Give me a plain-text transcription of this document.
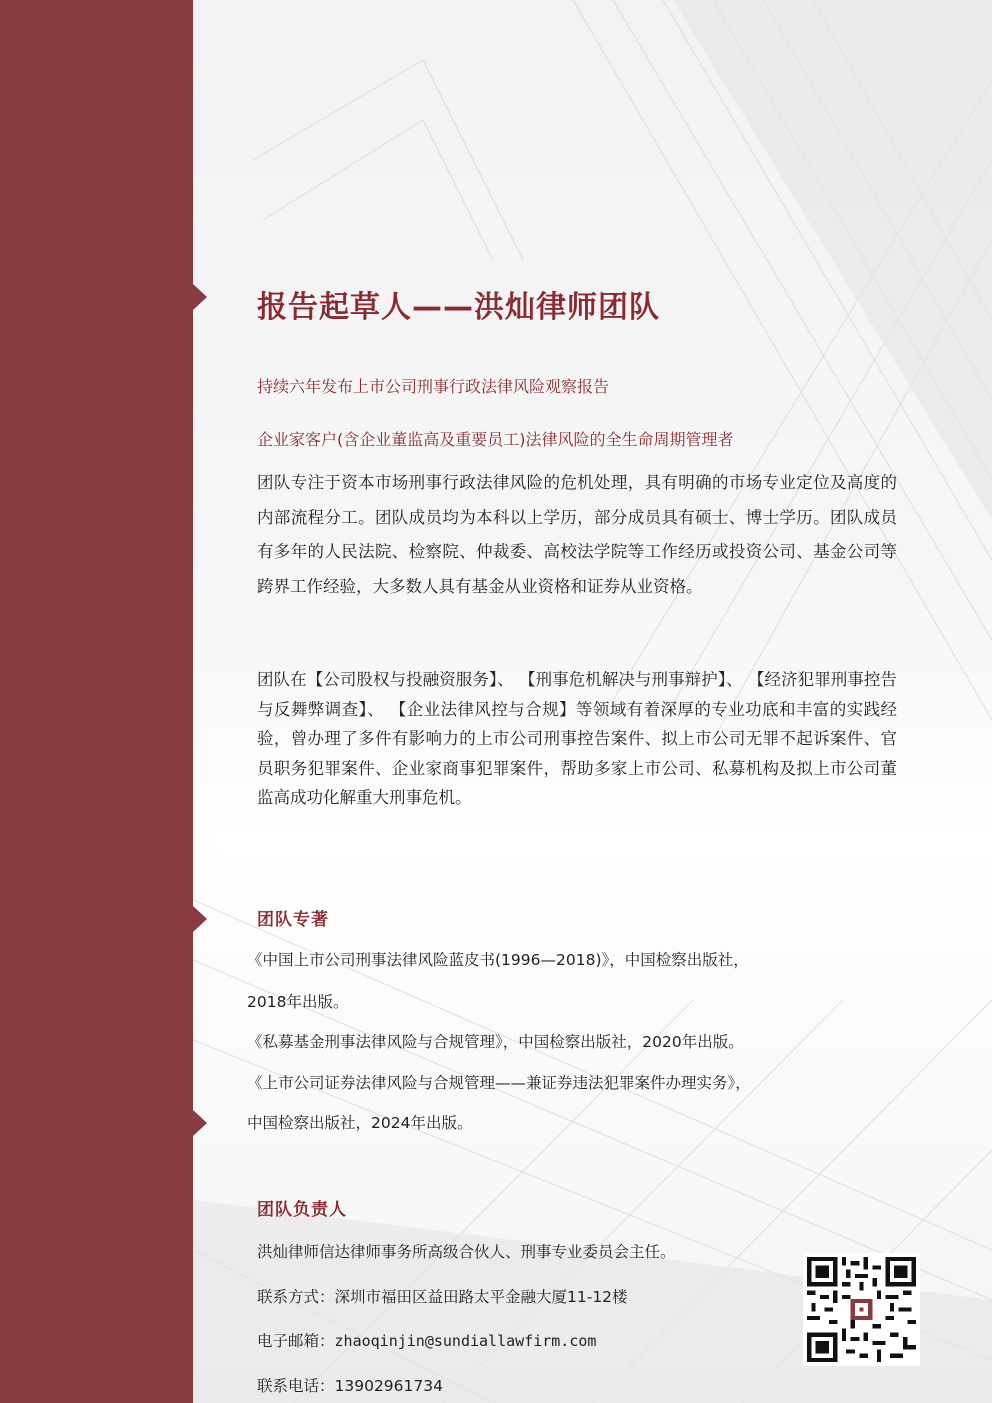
报告起草人——洪灿律师团队
持续六年发布上市公司刑事行政法律风险观察报告
企业家客户(含企业董监高及重要员工)法律风险的全生命周期管理者

团队专注于资本市场刑事行政法律风险的危机处理，具有明确的市场专业定位及高度的内部流程分工。团队成员均为本科以上学历，部分成员具有硕士、博士学历。团队成员有多年的人民法院、检察院、仲裁委、高校法学院等工作经历或投资公司、基金公司等跨界工作经验，大多数人具有基金从业资格和证券从业资格。

团队在【公司股权与投融资服务】、 【刑事危机解决与刑事辩护】、 【经济犯罪刑事控告与反舞弊调查】、 【企业法律风控与合规】等领域有着深厚的专业功底和丰富的实践经验，曾办理了多件有影响力的上市公司刑事控告案件、拟上市公司无罪不起诉案件、官员职务犯罪案件、企业家商事犯罪案件，帮助多家上市公司、私募机构及拟上市公司董监高成功化解重大刑事危机。

团队专著
《中国上市公司刑事法律风险蓝皮书(1996—2018)》，中国检察出版社，
2018年出版。
《私募基金刑事法律风险与合规管理》，中国检察出版社，2020年出版。
《上市公司证券法律风险与合规管理——兼证券违法犯罪案件办理实务》，
中国检察出版社，2024年出版。
团队负责人
洪灿律师信达律师事务所高级合伙人、刑事专业委员会主任。
联系方式：深圳市福田区益田路太平金融大厦11-12楼
电子邮箱：zhaoqinjin@sundiallawfirm.com
联系电话：13902961734
